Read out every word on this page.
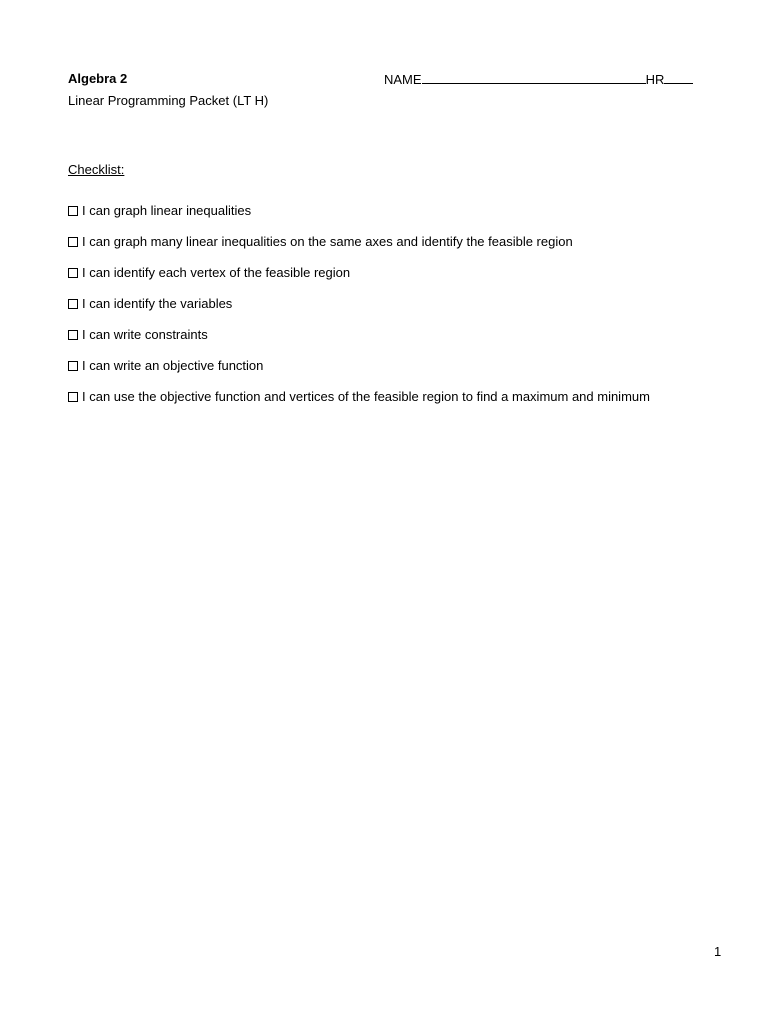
Algebra 2
Linear Programming Packet (LT H)
NAME	HR
Checklist:
I can graph linear inequalities
I can graph many linear inequalities on the same axes and identify the feasible region
I can identify each vertex of the feasible region
I can identify the variables
I can write constraints
I can write an objective function
I can use the objective function and vertices of the feasible region to find a maximum and minimum
1
